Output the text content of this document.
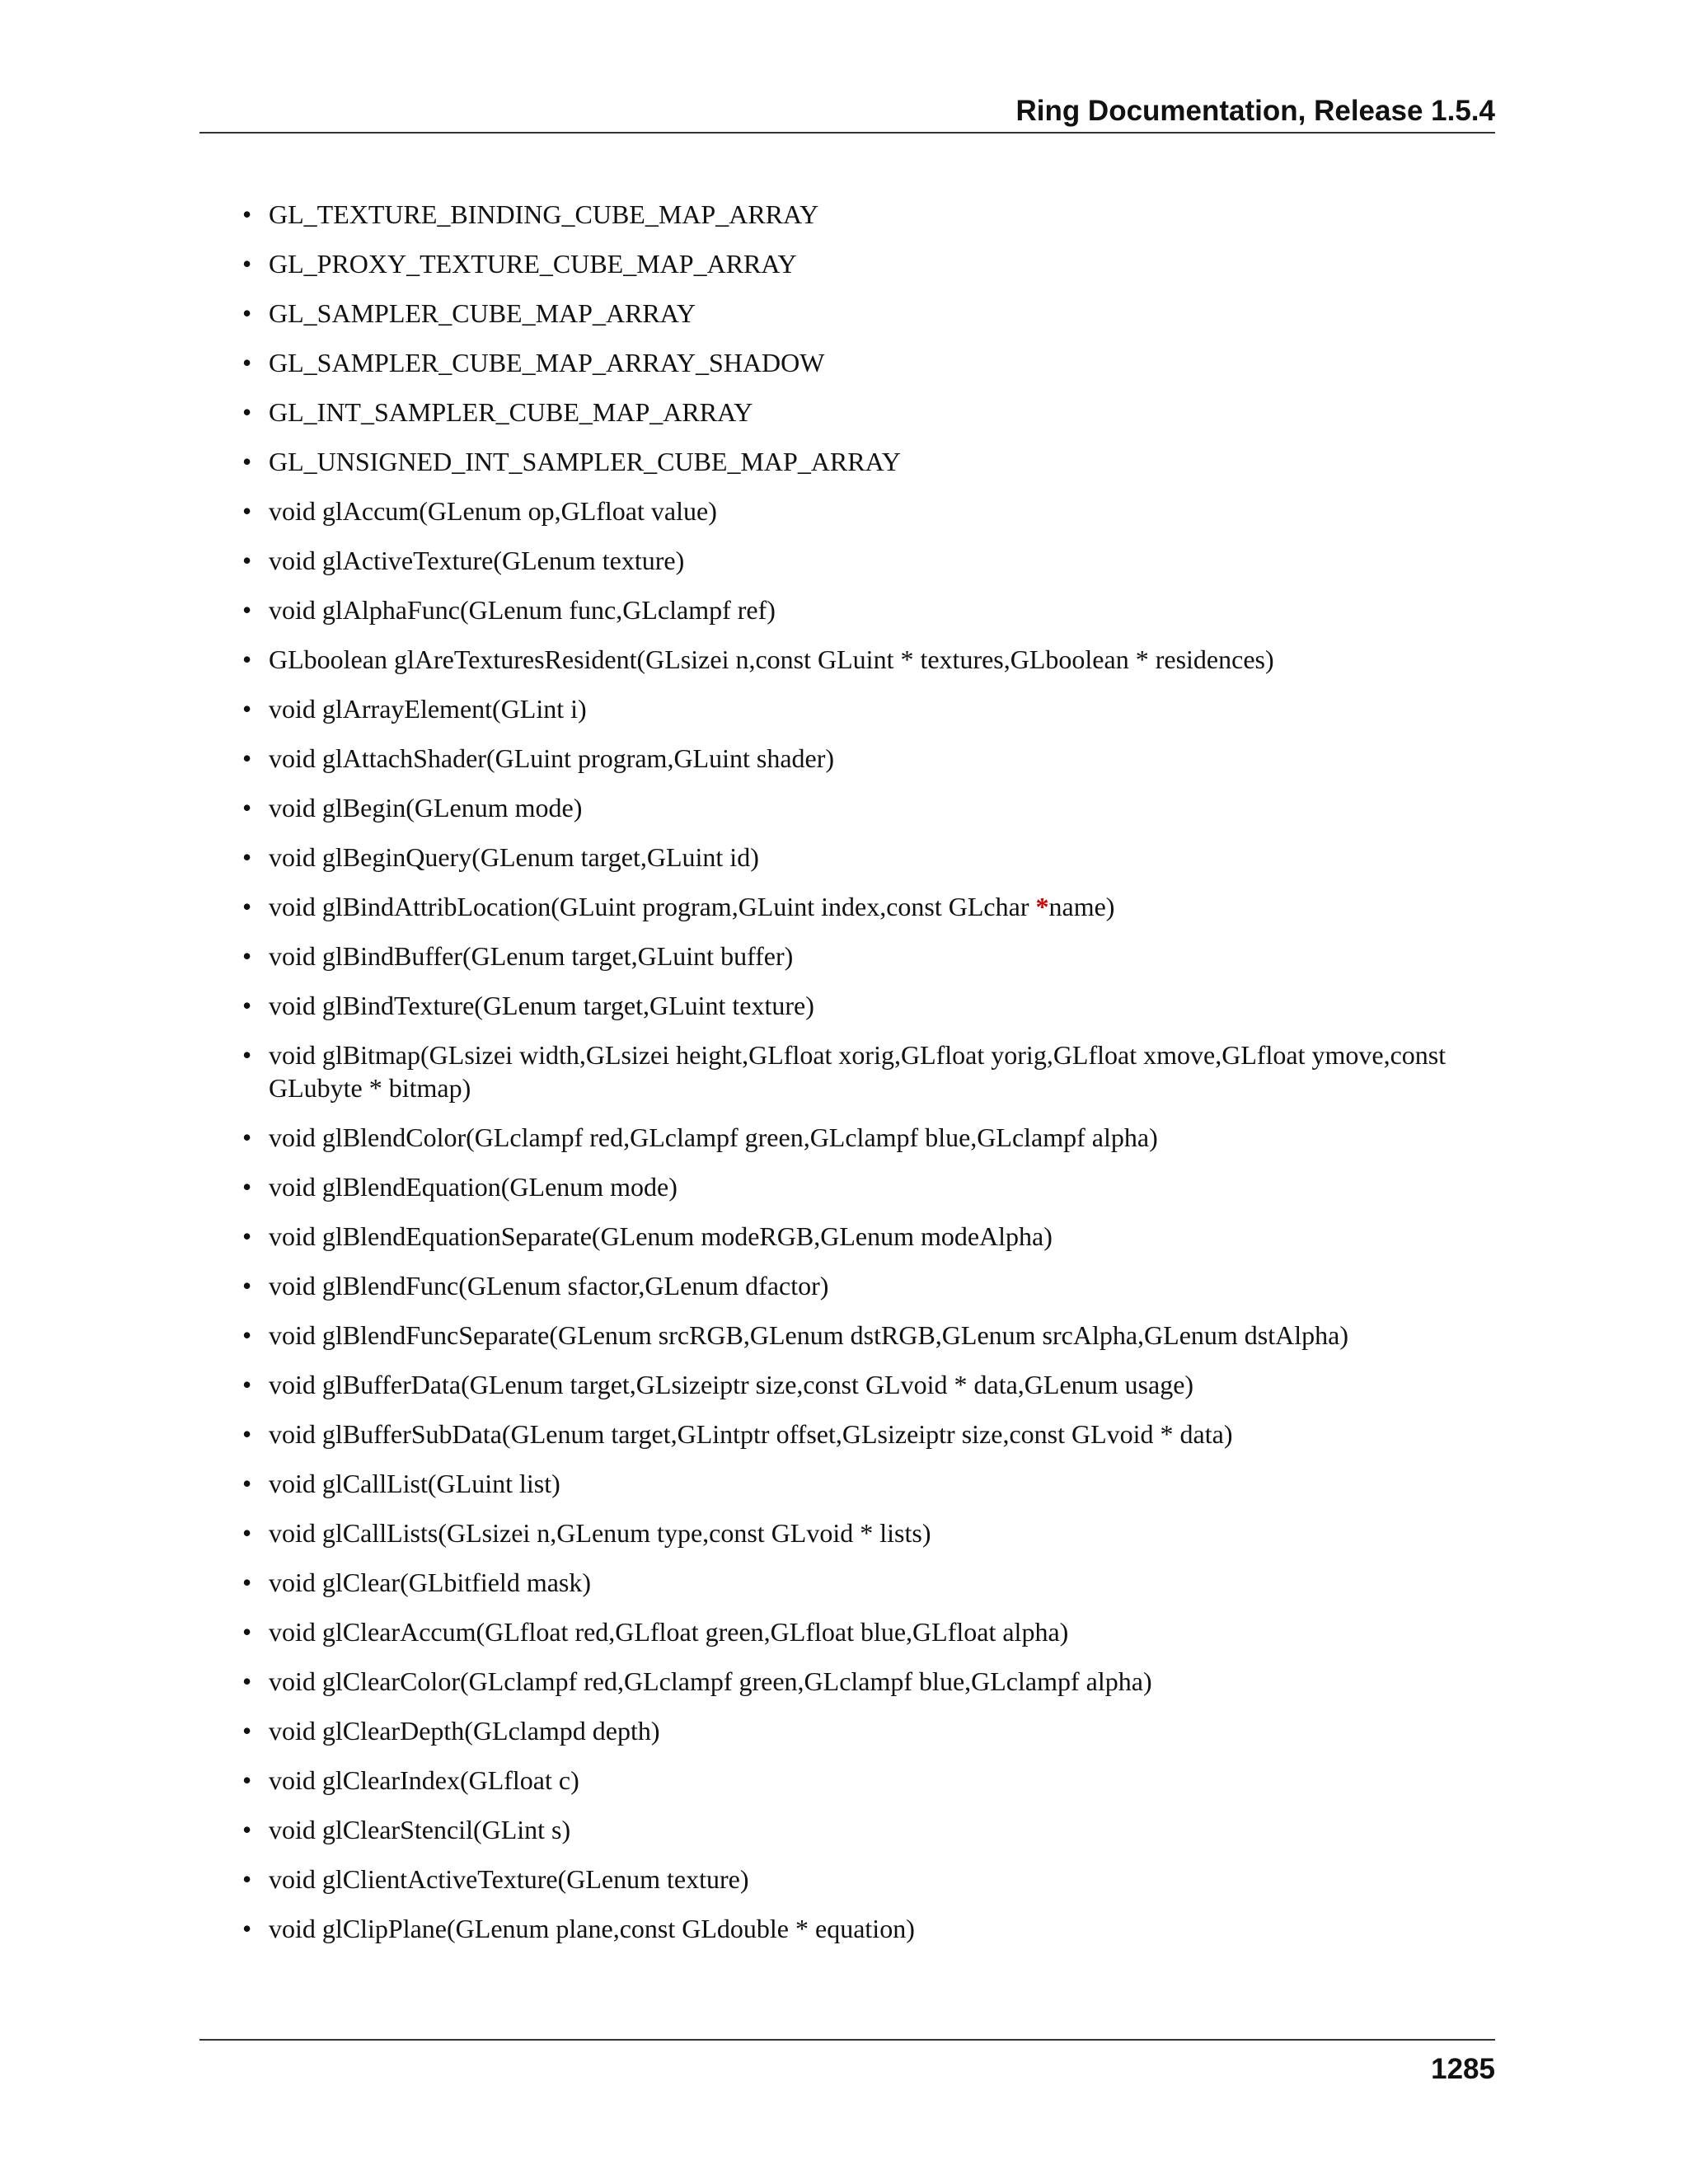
Ring Documentation, Release 1.5.4
• GL_TEXTURE_BINDING_CUBE_MAP_ARRAY
• GL_PROXY_TEXTURE_CUBE_MAP_ARRAY
• GL_SAMPLER_CUBE_MAP_ARRAY
• GL_SAMPLER_CUBE_MAP_ARRAY_SHADOW
• GL_INT_SAMPLER_CUBE_MAP_ARRAY
• GL_UNSIGNED_INT_SAMPLER_CUBE_MAP_ARRAY
• void glAccum(GLenum op,GLfloat value)
• void glActiveTexture(GLenum texture)
• void glAlphaFunc(GLenum func,GLclampf ref)
• GLboolean glAreTexturesResident(GLsizei n,const GLuint * textures,GLboolean * residences)
• void glArrayElement(GLint i)
• void glAttachShader(GLuint program,GLuint shader)
• void glBegin(GLenum mode)
• void glBeginQuery(GLenum target,GLuint id)
• void glBindAttribLocation(GLuint program,GLuint index,const GLchar *name)
• void glBindBuffer(GLenum target,GLuint buffer)
• void glBindTexture(GLenum target,GLuint texture)
• void glBitmap(GLsizei width,GLsizei height,GLfloat xorig,GLfloat yorig,GLfloat xmove,GLfloat ymove,const GLubyte * bitmap)
• void glBlendColor(GLclampf red,GLclampf green,GLclampf blue,GLclampf alpha)
• void glBlendEquation(GLenum mode)
• void glBlendEquationSeparate(GLenum modeRGB,GLenum modeAlpha)
• void glBlendFunc(GLenum sfactor,GLenum dfactor)
• void glBlendFuncSeparate(GLenum srcRGB,GLenum dstRGB,GLenum srcAlpha,GLenum dstAlpha)
• void glBufferData(GLenum target,GLsizeiptr size,const GLvoid * data,GLenum usage)
• void glBufferSubData(GLenum target,GLintptr offset,GLsizeiptr size,const GLvoid * data)
• void glCallList(GLuint list)
• void glCallLists(GLsizei n,GLenum type,const GLvoid * lists)
• void glClear(GLbitfield mask)
• void glClearAccum(GLfloat red,GLfloat green,GLfloat blue,GLfloat alpha)
• void glClearColor(GLclampf red,GLclampf green,GLclampf blue,GLclampf alpha)
• void glClearDepth(GLclampd depth)
• void glClearIndex(GLfloat c)
• void glClearStencil(GLint s)
• void glClientActiveTexture(GLenum texture)
• void glClipPlane(GLenum plane,const GLdouble * equation)
1285
